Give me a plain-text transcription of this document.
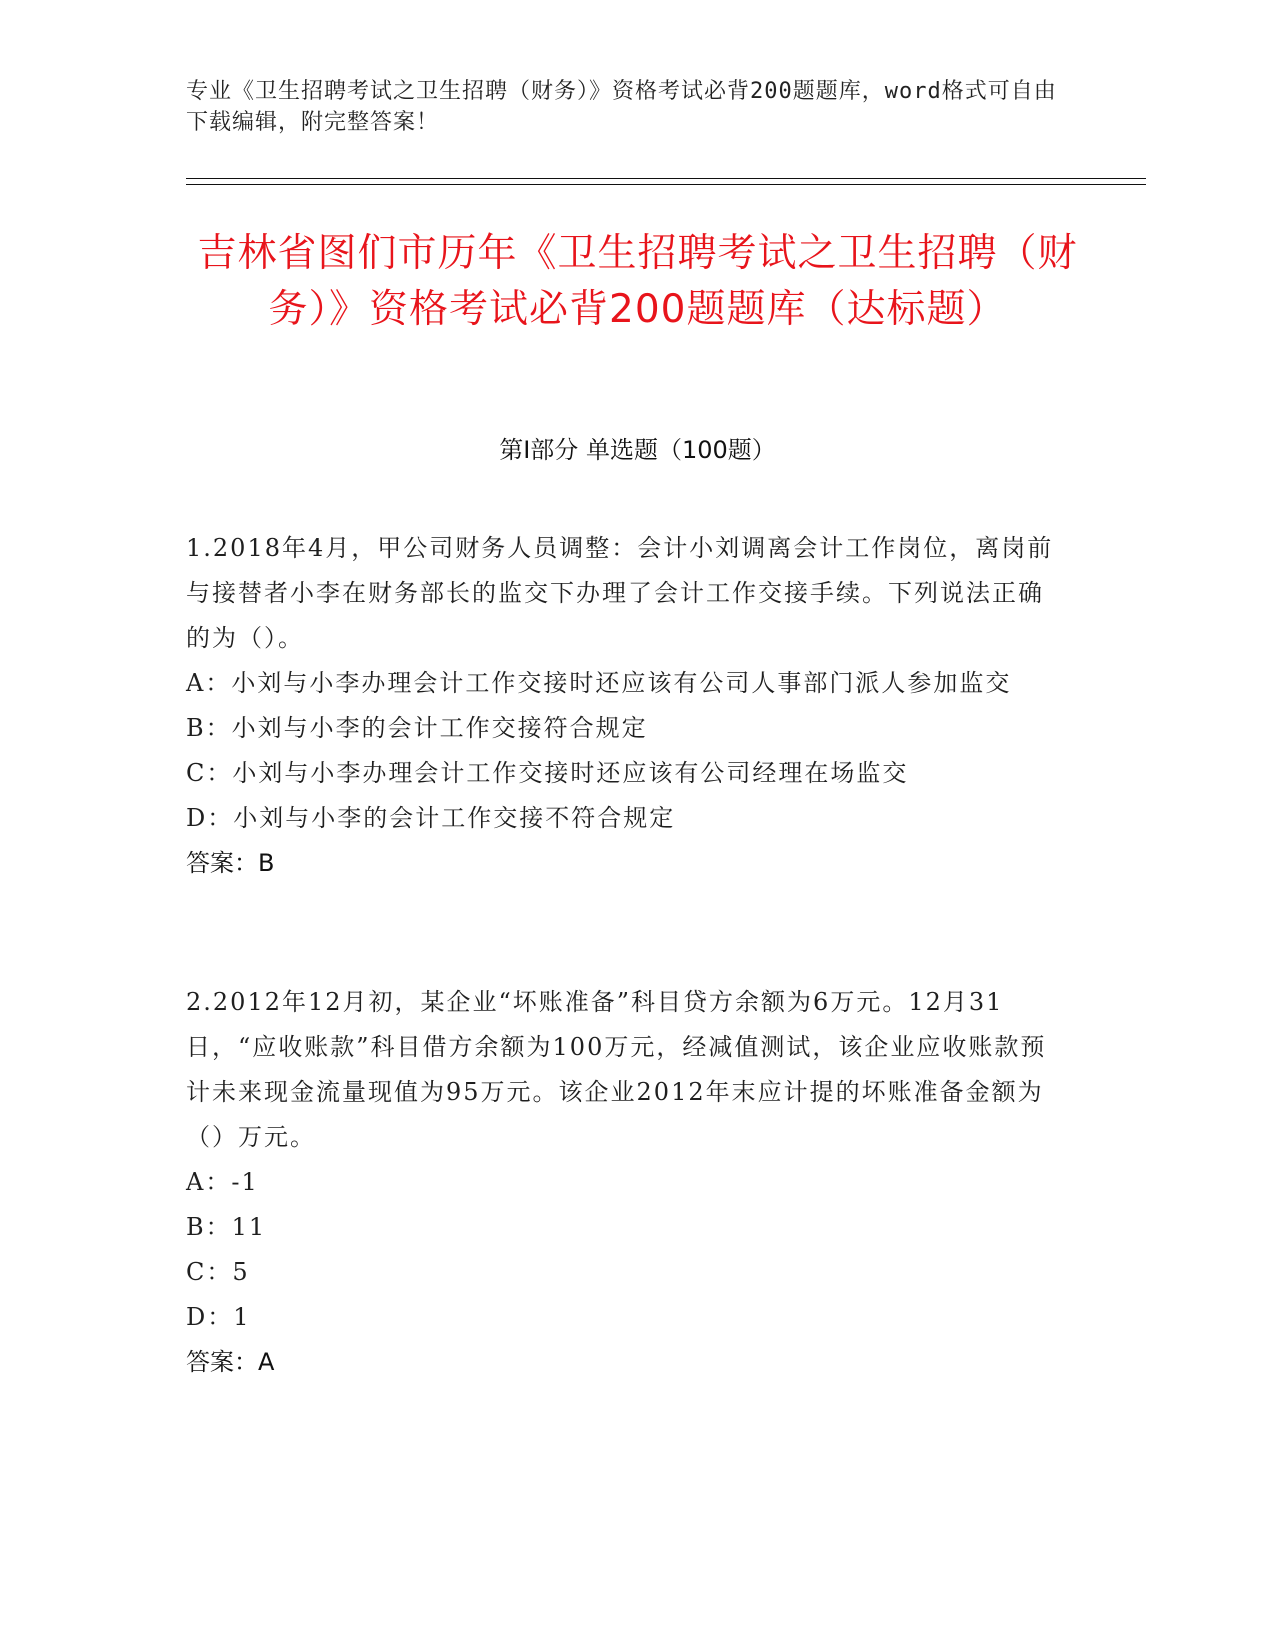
专业《卫生招聘考试之卫生招聘（财务）》资格考试必背200题题库，word格式可自由下载编辑，附完整答案！
吉林省图们市历年《卫生招聘考试之卫生招聘（财务）》资格考试必背200题题库（达标题）
第Ⅰ部分 单选题（100题）

1.2018年4月，甲公司财务人员调整：会计小刘调离会计工作岗位，离岗前与接替者小李在财务部长的监交下办理了会计工作交接手续。下列说法正确的为（）。

A：小刘与小李办理会计工作交接时还应该有公司人事部门派人参加监交

B：小刘与小李的会计工作交接符合规定

C：小刘与小李办理会计工作交接时还应该有公司经理在场监交

D：小刘与小李的会计工作交接不符合规定

答案：B

2.2012年12月初，某企业“坏账准备”科目贷方余额为6万元。12月31日，“应收账款”科目借方余额为100万元，经减值测试，该企业应收账款预计未来现金流量现值为95万元。该企业2012年末应计提的坏账准备金额为（）万元。

A：-1

B：11

C：5

D：1

答案：A
